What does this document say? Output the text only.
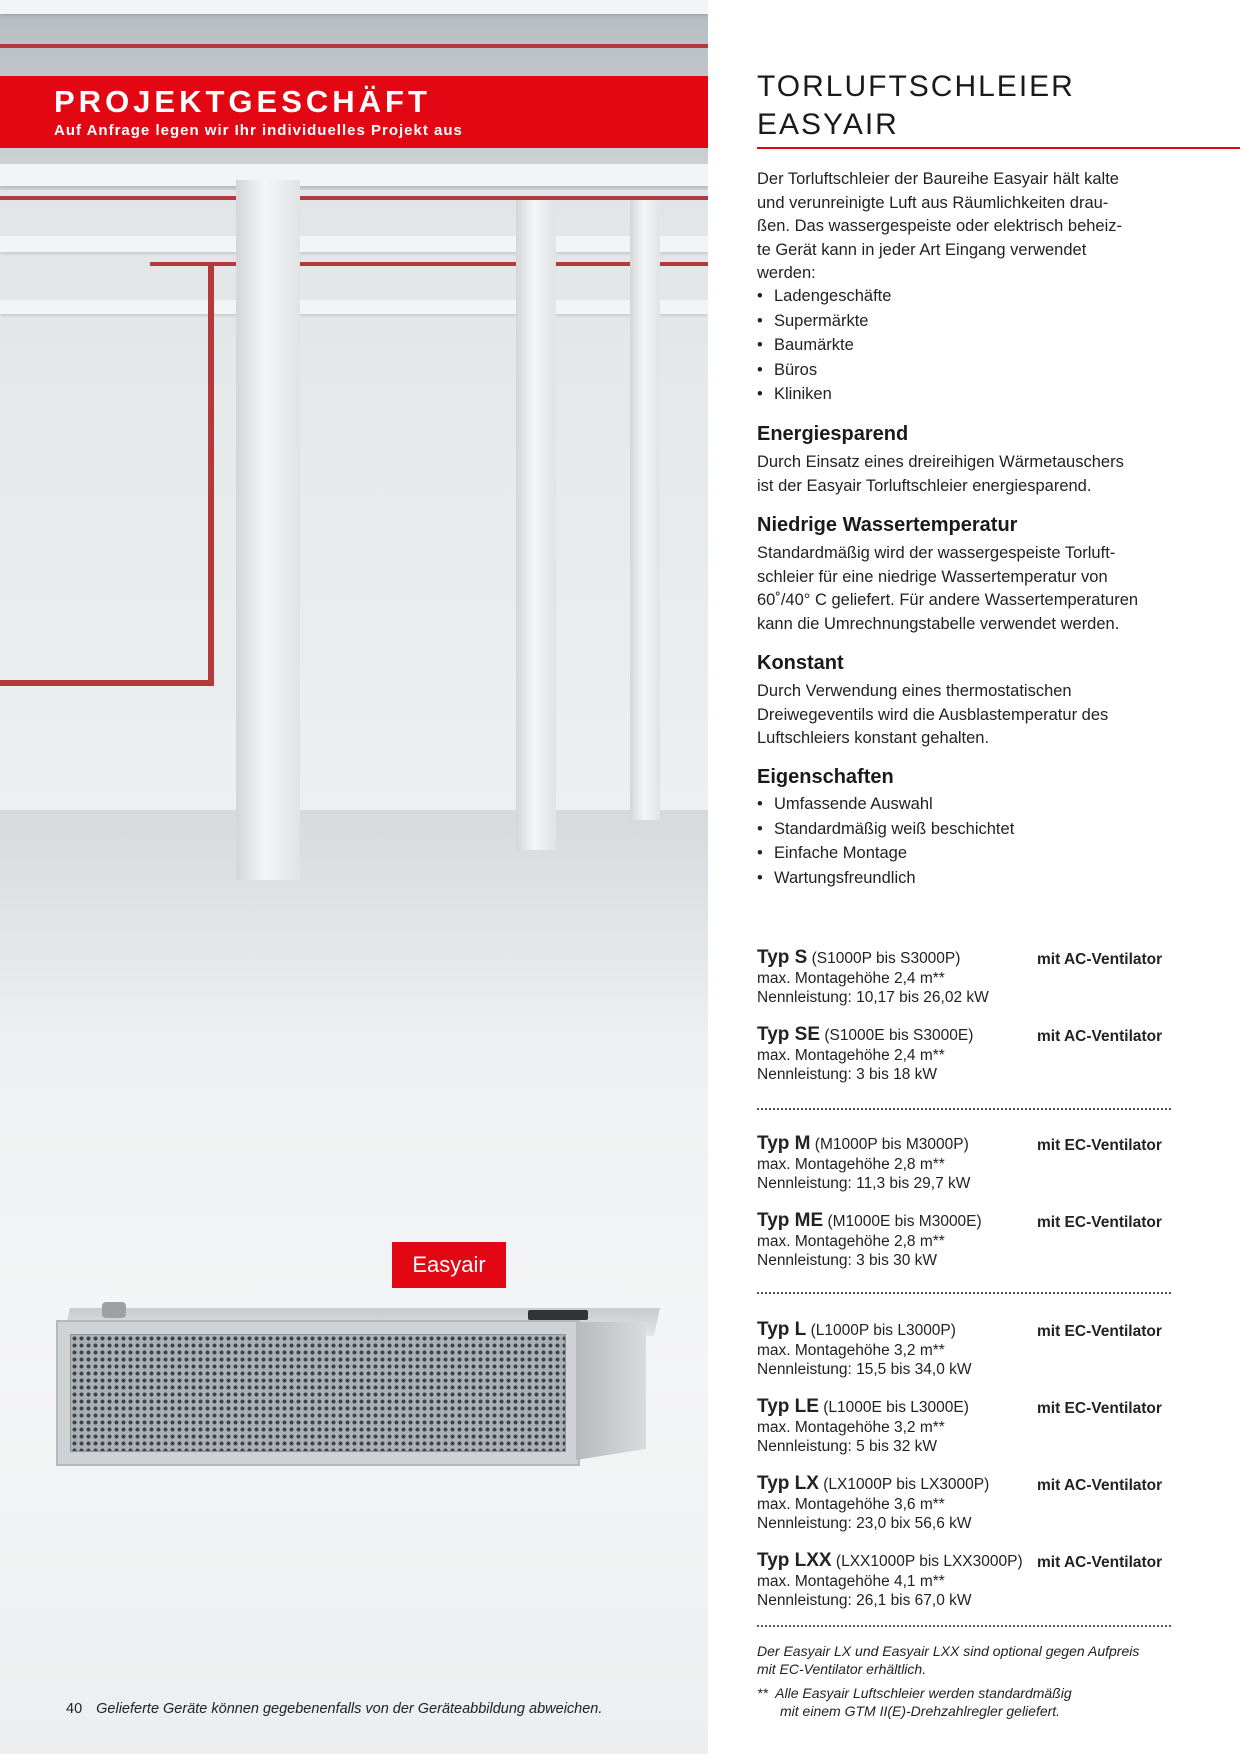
PROJEKTGESCHÄFT
Auf Anfrage legen wir Ihr individuelles Projekt aus
Easyair
TORLUFTSCHLEIER
EASYAIR
Der Torluftschleier der Baureihe Easyair hält kalte
und verunreinigte Luft aus Räumlichkeiten drau-
ßen. Das wassergespeiste oder elektrisch beheiz-
te Gerät kann in jeder Art Eingang verwendet
werden:
• Ladengeschäfte
• Supermärkte
• Baumärkte
• Büros
• Kliniken
Energiesparend
Durch Einsatz eines dreireihigen Wärmetauschers
ist der Easyair Torluftschleier energiesparend.
Niedrige Wassertemperatur
Standardmäßig wird der wassergespeiste Torluft-
schleier für eine niedrige Wassertemperatur von
60˚/40° C geliefert. Für andere Wassertemperaturen
kann die Umrechnungstabelle verwendet werden.
Konstant
Durch Verwendung eines thermostatischen
Dreiwegeventils wird die Ausblastemperatur des
Luftschleiers konstant gehalten.
Eigenschaften
• Umfassende Auswahl
• Standardmäßig weiß beschichtet
• Einfache Montage
• Wartungsfreundlich
Typ S (S1000P bis S3000P)	mit AC-Ventilator
max. Montagehöhe 2,4 m**
Nennleistung: 10,17 bis 26,02 kW
Typ SE (S1000E bis S3000E)	mit AC-Ventilator
max. Montagehöhe 2,4 m**
Nennleistung: 3 bis 18 kW
Typ M (M1000P bis M3000P)	mit EC-Ventilator
max. Montagehöhe 2,8 m**
Nennleistung: 11,3 bis 29,7 kW
Typ ME (M1000E bis M3000E)	mit EC-Ventilator
max. Montagehöhe 2,8 m**
Nennleistung: 3 bis 30 kW
Typ L (L1000P bis L3000P)	mit EC-Ventilator
max. Montagehöhe 3,2 m**
Nennleistung: 15,5 bis 34,0 kW
Typ LE (L1000E bis L3000E)	mit EC-Ventilator
max. Montagehöhe 3,2 m**
Nennleistung: 5 bis 32 kW
Typ LX (LX1000P bis LX3000P)	mit AC-Ventilator
max. Montagehöhe 3,6 m**
Nennleistung: 23,0 bix 56,6 kW
Typ LXX (LXX1000P bis LXX3000P) mit AC-Ventilator
max. Montagehöhe 4,1 m**
Nennleistung: 26,1 bis 67,0 kW
Der Easyair LX und Easyair LXX sind optional gegen Aufpreis
mit EC-Ventilator erhältlich.
** Alle Easyair Luftschleier werden standardmäßig
mit einem GTM II(E)-Drehzahlregler geliefert.
40 Gelieferte Geräte können gegebenenfalls von der Geräteabbildung abweichen.
